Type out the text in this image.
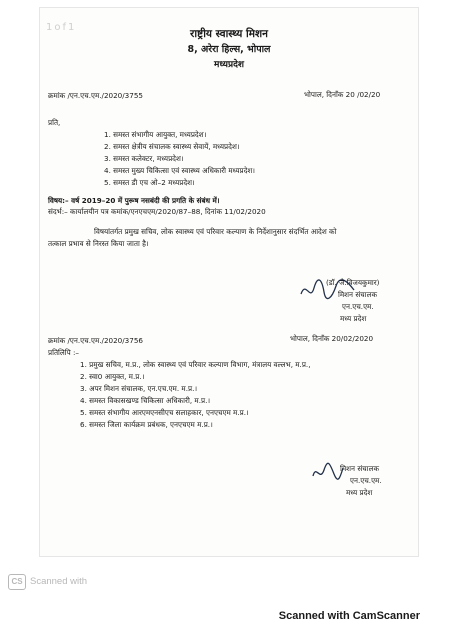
1of1
राष्ट्रीय स्वास्थ्य मिशन
8, अरेरा हिल्स, भोपाल
मध्यप्रदेश
क्रमांक /एन.एच.एम./2020/3755	भोपाल, दिनाँक 20 /02/20
प्रति,
1. समस्त संभागीय आयुक्त, मध्यप्रदेश।
2. समस्त क्षेत्रीय संचालक स्वास्थ्य सेवायें, मध्यप्रदेश।
3. समस्त कलेक्टर, मध्यप्रदेश।
4. समस्त मुख्य चिकित्सा एवं स्वास्थ्य अधिकारी मध्यप्रदेश।
5. समस्त डी एच ओ–2 मध्यप्रदेश।
विषय:– वर्ष 2019–20 में पुरूष नसबंदी की प्रगति के संबंध में।
संदर्भ:– कार्यालयीन पत्र कमांक/एनएचएम/2020/87–88, दिनांक 11/02/2020
विषयांतर्गत प्रमुख सचिव, लोक स्वास्थ्य एवं परिवार कल्याण के निर्देशानुसार संदर्भित आदेश को
तत्काल प्रभाव से निरस्त किया जाता है।
(डॉ. जे.विजयकुमार)
मिशन संचालक
एन.एच.एम.
मध्य प्रदेश
क्रमांक /एन.एच.एम./2020/3756	भोपाल, दिनाँक 20/02/2020
प्रतिलिपि :–
1. प्रमुख सचिव, म.प्र., लोक स्वास्थ्य एवं परिवार कल्याण विभाग, मंत्रालय वल्लभ, म.प्र.,
2. स्वा0 आयुक्त, म.प्र.।
3. अपर मिशन संचालक, एन.एच.एम. म.प्र.।
4. समस्त विकासखण्ड चिकित्सा अधिकारी, म.प्र.।
5. समस्त संभागीय आरएमएनसीएच सलाहकार, एनएचएम म.प्र.।
6. समस्त जिला कार्यक्रम प्रबंधक, एनएचएम म.प्र.।
मिशन संचालक
एन.एच.एम.
मध्य प्रदेश
CS Scanned with
Scanned with CamScanner
